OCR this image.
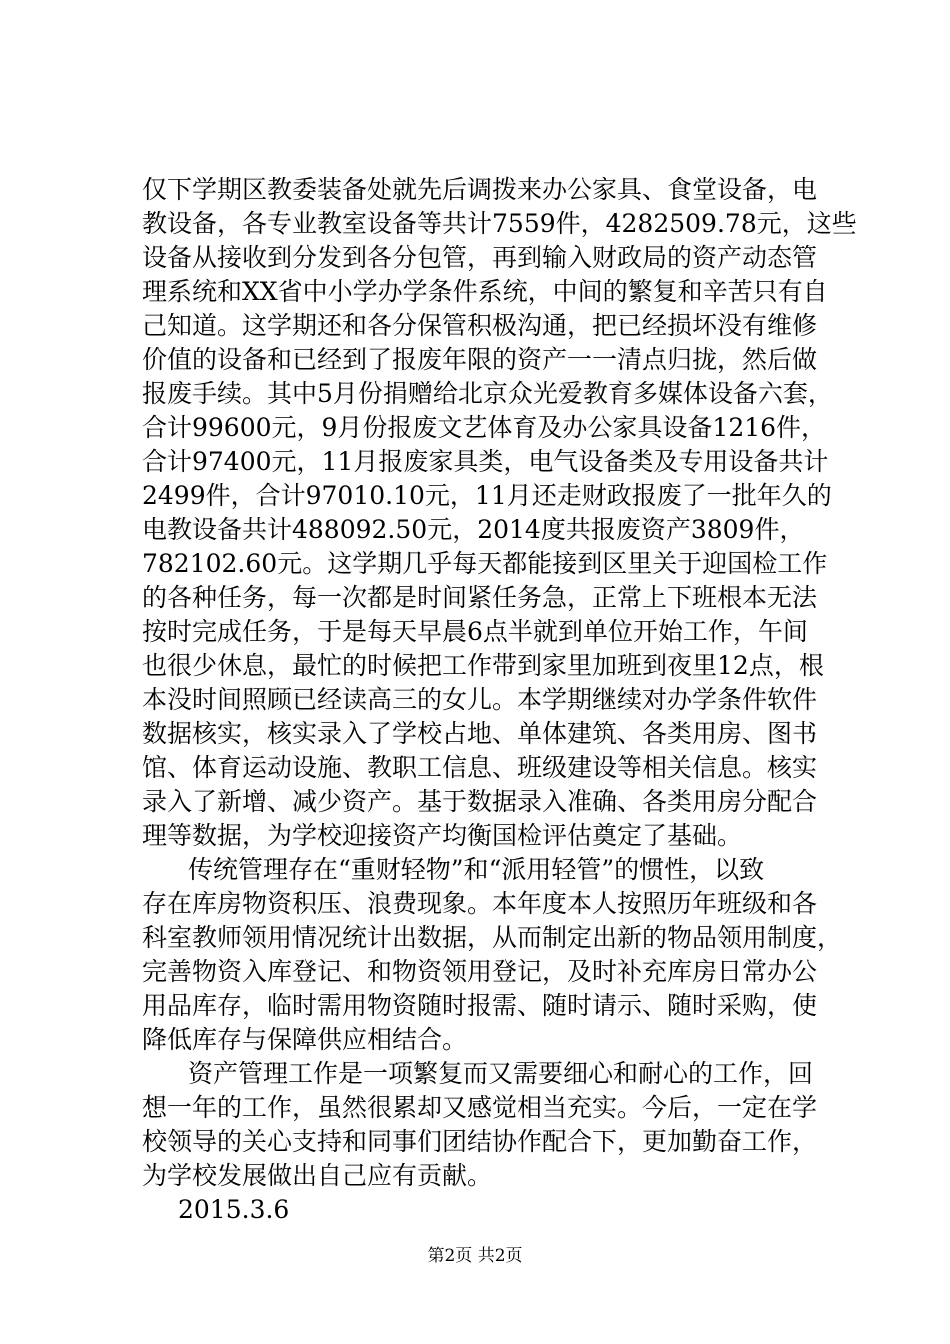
仅下学期区教委装备处就先后调拨来办公家具、食堂设备，电
教设备，各专业教室设备等共计7559件，4282509.78元，这些
设备从接收到分发到各分包管，再到输入财政局的资产动态管
理系统和XX省中小学办学条件系统，中间的繁复和辛苦只有自
己知道。这学期还和各分保管积极沟通，把已经损坏没有维修
价值的设备和已经到了报废年限的资产一一清点归拢，然后做
报废手续。其中5月份捐赠给北京众光爱教育多媒体设备六套，
合计99600元，9月份报废文艺体育及办公家具设备1216件，
合计97400元，11月报废家具类，电气设备类及专用设备共计
2499件，合计97010.10元，11月还走财政报废了一批年久的
电教设备共计488092.50元，2014度共报废资产3809件，
782102.60元。这学期几乎每天都能接到区里关于迎国检工作
的各种任务，每一次都是时间紧任务急，正常上下班根本无法
按时完成任务，于是每天早晨6点半就到单位开始工作，午间
也很少休息，最忙的时候把工作带到家里加班到夜里12点，根
本没时间照顾已经读高三的女儿。本学期继续对办学条件软件
数据核实，核实录入了学校占地、单体建筑、各类用房、图书
馆、体育运动设施、教职工信息、班级建设等相关信息。核实
录入了新增、减少资产。基于数据录入准确、各类用房分配合
理等数据，为学校迎接资产均衡国检评估奠定了基础。
传统管理存在“重财轻物”和“派用轻管”的惯性，以致
存在库房物资积压、浪费现象。本年度本人按照历年班级和各
科室教师领用情况统计出数据，从而制定出新的物品领用制度，
完善物资入库登记、和物资领用登记，及时补充库房日常办公
用品库存，临时需用物资随时报需、随时请示、随时采购，使
降低库存与保障供应相结合。
资产管理工作是一项繁复而又需要细心和耐心的工作，回
想一年的工作，虽然很累却又感觉相当充实。今后，一定在学
校领导的关心支持和同事们团结协作配合下，更加勤奋工作，
为学校发展做出自己应有贡献。
2015.3.6
第2页 共2页
